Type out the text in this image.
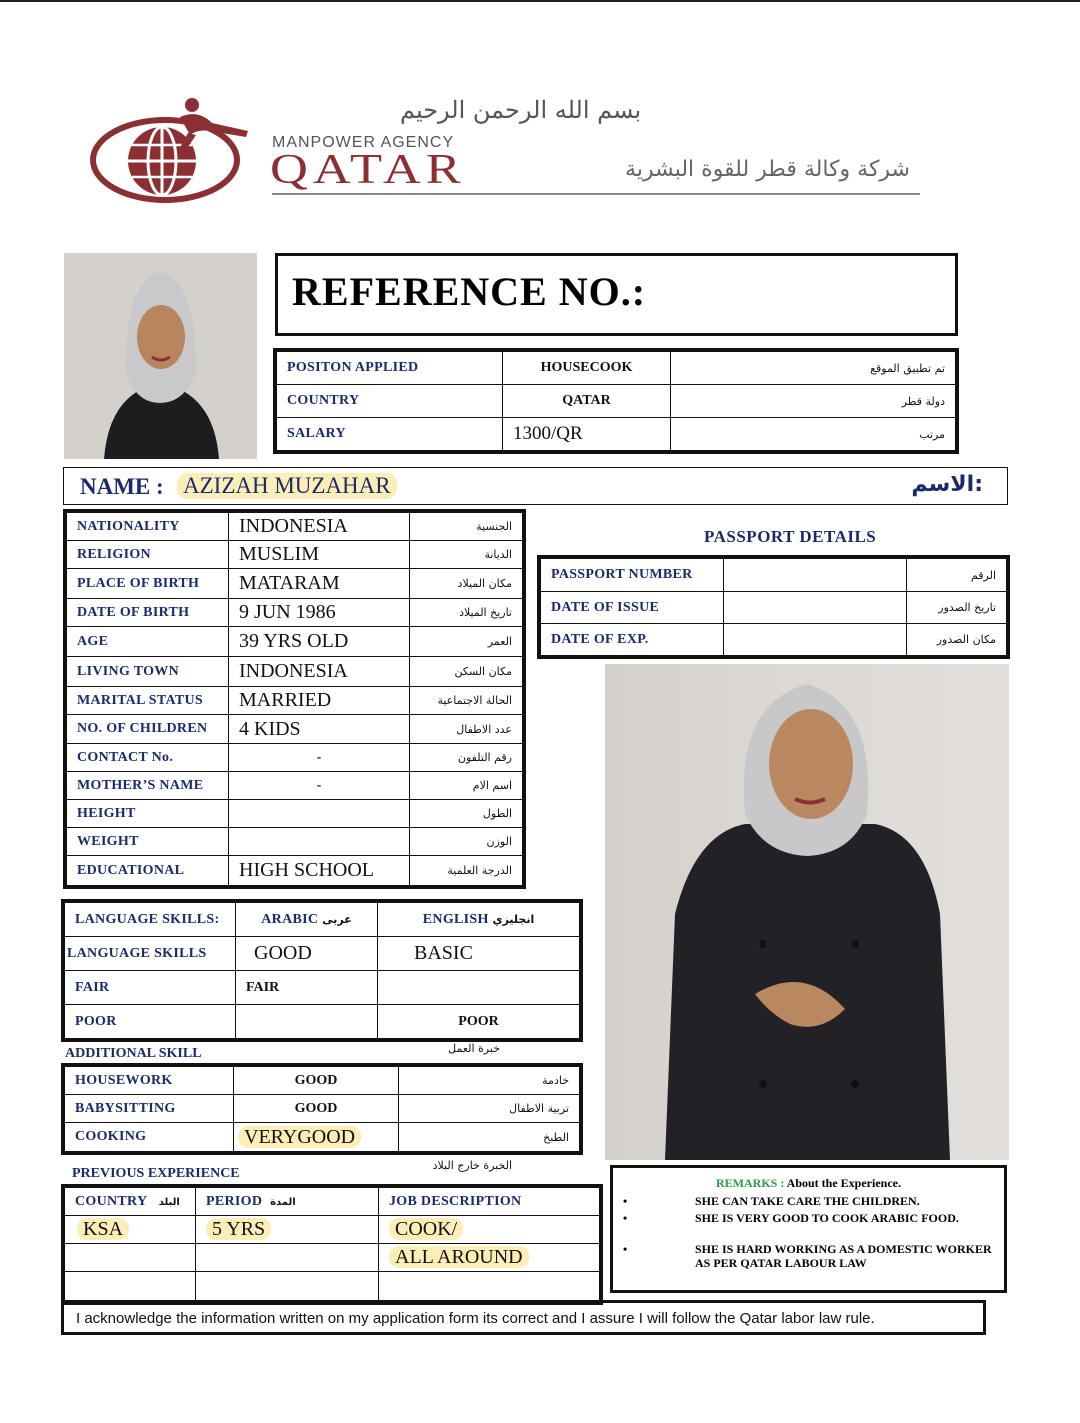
بسم الله الرحمن الرحيم
MANPOWER AGENCY
QATAR	شركة وكالة قطر للقوة البشرية
REFERENCE NO.:
POSITON APPLIED	HOUSECOOK	تم تطبيق الموقع
COUNTRY	QATAR	دولة قطر
SALARY	1300/QR	مرتب
NAME : AZIZAH MUZAHAR	الاسم:
NATIONALITY	INDONESIA	الجنسية
RELIGION	MUSLIM	الديانة
PLACE OF BIRTH	MATARAM	مكان الميلاد
DATE OF BIRTH	9 JUN 1986	تاريخ الميلاد
AGE	39 YRS OLD	العمر
LIVING TOWN	INDONESIA	مكان السكن
MARITAL STATUS	MARRIED	الحالة الاجتماعية
NO. OF CHILDREN	4 KIDS	عدد الاطفال
CONTACT No.	-	رقم التلفون
MOTHER’S NAME	-	اسم الام
HEIGHT		الطول
WEIGHT		الوزن
EDUCATIONAL	HIGH SCHOOL	الدرجة العلمية
PASSPORT DETAILS
PASSPORT NUMBER		الرقم
DATE OF ISSUE		تاريخ الصدور
DATE OF EXP.		مكان الصدور
LANGUAGE SKILLS:	ARABIC عربى	ENGLISH انجليزي
LANGUAGE SKILLS	GOOD	BASIC
FAIR	FAIR	
POOR		POOR
ADDITIONAL SKILL	خبرة العمل
HOUSEWORK	GOOD	خادمة
BABYSITTING	GOOD	تربية الاطفال
COOKING	VERYGOOD	الطبخ
PREVIOUS EXPERIENCE
الخبرة خارج البلاد
COUNTRY البلد	PERIOD المدة	JOB DESCRIPTION
KSA	5 YRS	COOK/
		ALL AROUND

REMARKS : About the Experience.
•	SHE CAN TAKE CARE THE CHILDREN.
•	SHE IS VERY GOOD TO COOK ARABIC FOOD.
•	SHE IS HARD WORKING AS A DOMESTIC WORKER AS PER QATAR LABOUR LAW
I acknowledge the information written on my application form its correct and I assure I will follow the Qatar labor law rule.
